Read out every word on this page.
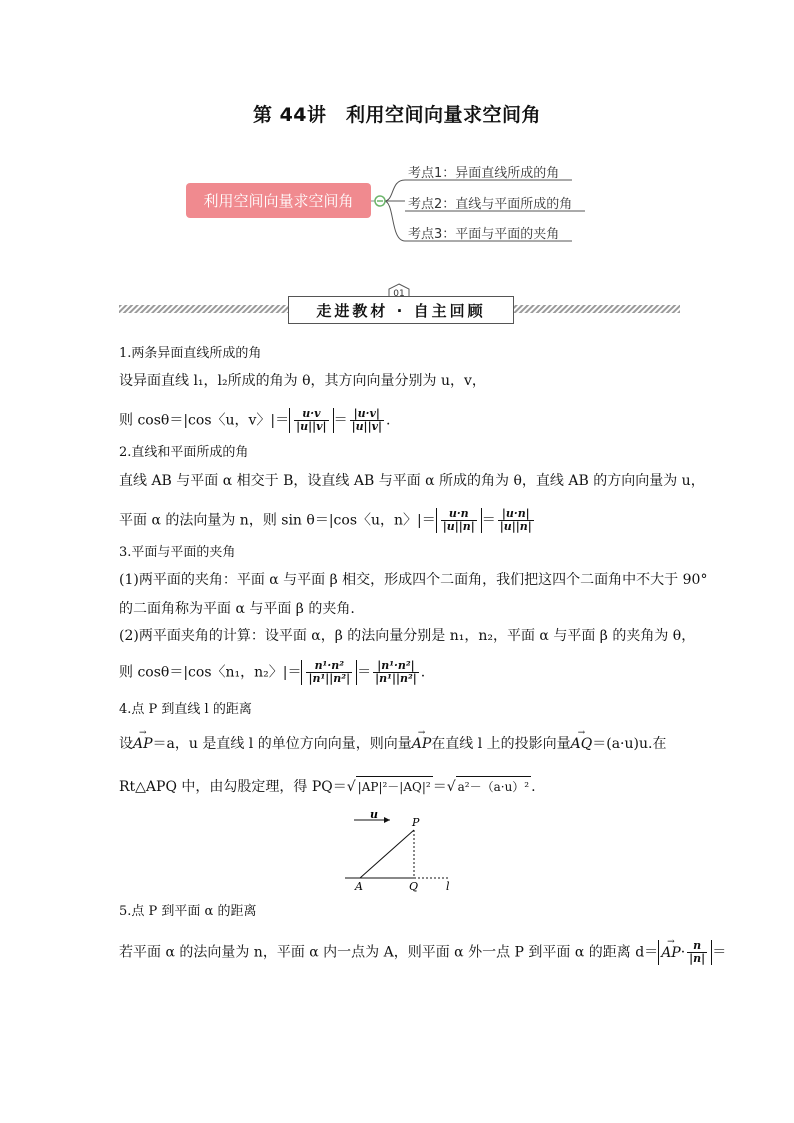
第 44讲　利用空间向量求空间角
利用空间向量求空间角
考点1：异面直线所成的角
考点2：直线与平面所成的角
考点3：平面与平面的夹角
走进教材 · 自主回顾
01
1.两条异面直线所成的角
设异面直线 l₁，l₂所成的角为 θ，其方向向量分别为 u，v，
则 cosθ＝|cos〈u，v〉|＝ $\frac{u\cdot v}{|u||v|} = \frac{|u\cdot v|}{|u||v|}$ .
2.直线和平面所成的角
直线 AB 与平面 α 相交于 B，设直线 AB 与平面 α 所成的角为 θ，直线 AB 的方向向量为 u，
平面 α 的法向量为 n，则 sin θ＝|cos〈u，n〉|＝ $\frac{u\cdot n}{|u||n|} = \frac{|u\cdot n|}{|u||n|}$
3.平面与平面的夹角
(1)两平面的夹角：平面 α 与平面 β 相交，形成四个二面角，我们把这四个二面角中不大于 90°
的二面角称为平面 α 与平面 β 的夹角.
(2)两平面夹角的计算：设平面 α，β 的法向量分别是 n₁，n₂，平面 α 与平面 β 的夹角为 θ，
则 cosθ＝|cos〈n₁，n₂〉|＝ $\frac{\text{n¹·n²}}{\text{|n¹||n²|}} = \frac{\text{|n¹·n²|}}{\text{|n¹||n²|}}$ .
4.点 P 到直线 l 的距离
设→ AP＝a，u 是直线 l 的单位方向向量，则向量→ AP在直线 l 上的投影向量→ AQ＝(a·u)u.在
Rt△APQ 中，由勾股定理，得 PQ＝√ |AP|²－|AQ|² ＝√ a²－（a·u）² .
u
P
A	Q	l
5.点 P 到平面 α 的距离
若平面 α 的法向量为 n，平面 α 内一点为 A，则平面 α 外一点 P 到平面 α 的距离 $d=\to AP\cdot \frac{n}{|n|}$ ＝
